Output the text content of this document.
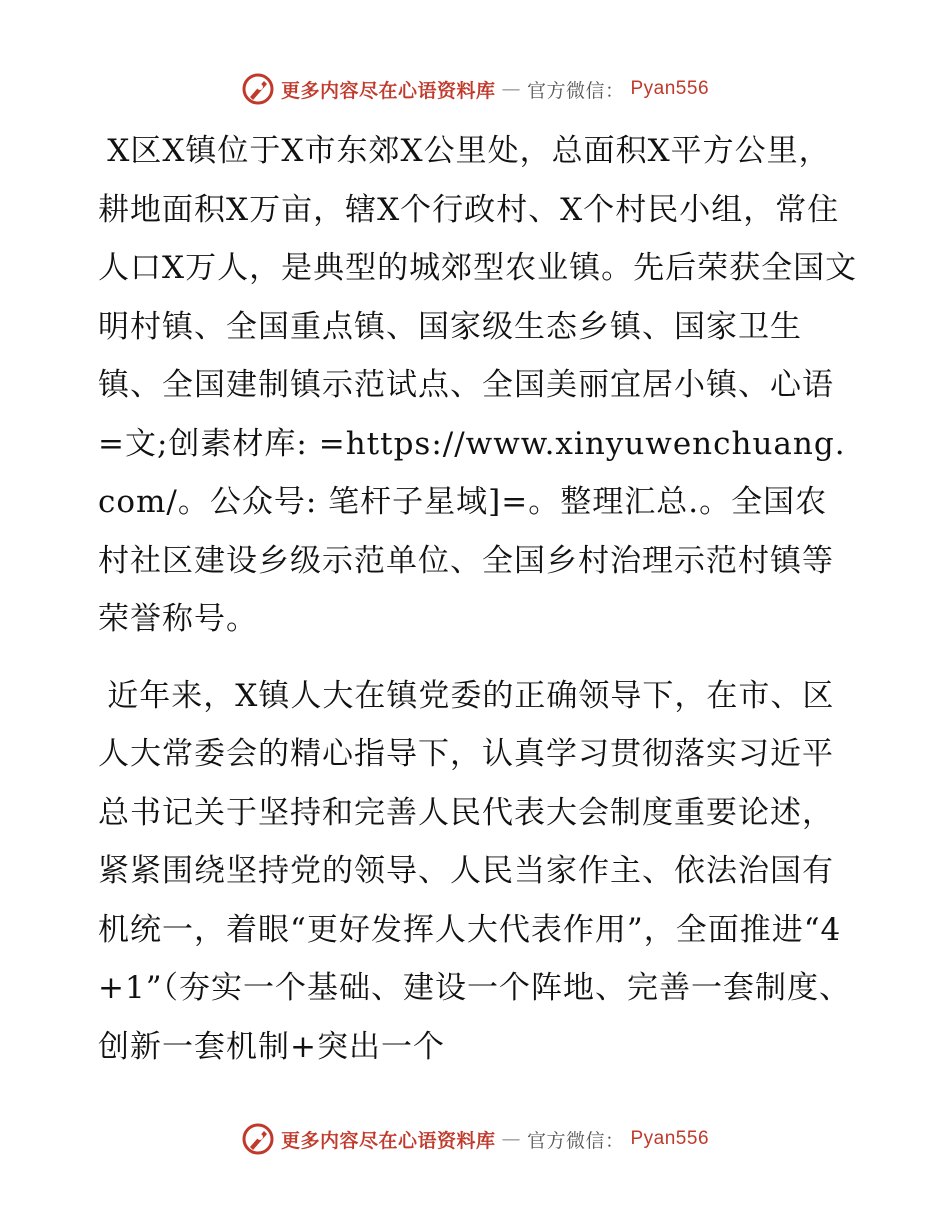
更多内容尽在心语资料库 — 官方微信： Pyan556

X区X镇位于X市东郊X公里处，总面积X平方公里，耕地面积X万亩，辖X个行政村、X个村民小组，常住人口X万人，是典型的城郊型农业镇。先后荣获全国文明村镇、全国重点镇、国家级生态乡镇、国家卫生镇、全国建制镇示范试点、全国美丽宜居小镇、心语=文;创素材库: =https://www.xinyuwenchuang.com/。公众号: 笔杆子星域]=。整理汇总.。全国农村社区建设乡级示范单位、全国乡村治理示范村镇等荣誉称号。

近年来，X镇人大在镇党委的正确领导下，在市、区人大常委会的精心指导下，认真学习贯彻落实习近平总书记关于坚持和完善人民代表大会制度重要论述，紧紧围绕坚持党的领导、人民当家作主、依法治国有机统一，着眼“更好发挥人大代表作用”，全面推进“4+1”（夯实一个基础、建设一个阵地、完善一套制度、创新一套机制+突出一个

更多内容尽在心语资料库 — 官方微信： Pyan556
